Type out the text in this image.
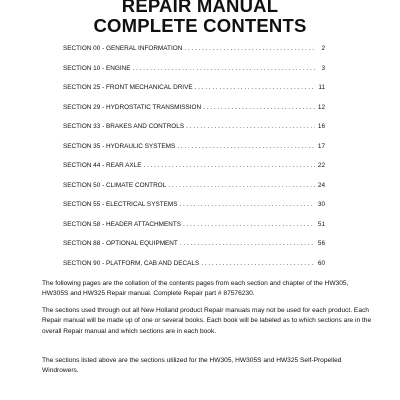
REPAIR MANUAL
COMPLETE CONTENTS
SECTION 00 - GENERAL INFORMATION . . .	2
SECTION 10 - ENGINE . . .	3
SECTION 25 - FRONT MECHANICAL DRIVE . . .	11
SECTION 29 - HYDROSTATIC TRANSMISSION . . .	12
SECTION 33 - BRAKES AND CONTROLS . . .	16
SECTION 35 - HYDRAULIC SYSTEMS . . .	17
SECTION 44 - REAR AXLE . . .	22
SECTION 50 - CLIMATE CONTROL . . .	24
SECTION 55 - ELECTRICAL SYSTEMS . . .	30
SECTION 58 - HEADER ATTACHMENTS . . .	51
SECTION 88 - OPTIONAL EQUIPMENT . . .	56
SECTION 90 - PLATFORM, CAB AND DECALS . . .	60

The following pages are the collation of the contents pages from each section and chapter of the HW305, HW305S and HW325 Repair manual. Complete Repair part # 87576230.

The sections used through out all New Holland product Repair manuals may not be used for each product. Each Repair manual will be made up of one or several books. Each book will be labeled as to which sections are in the overall Repair manual and which sections are in each book.

The sections listed above are the sections utilized for the HW305, HW305S and HW325 Self-Propelled Windrowers.
